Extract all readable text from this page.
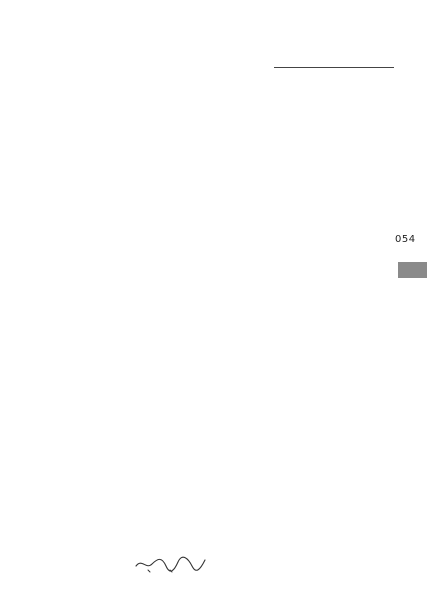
054
